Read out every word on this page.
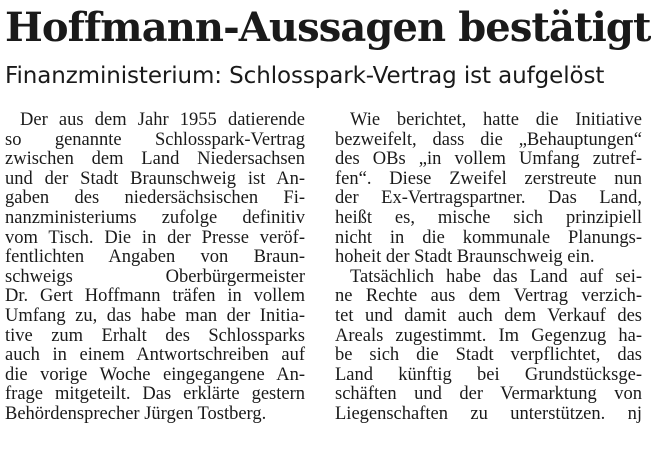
Hoffmann-Aussagen bestätigt
Finanzministerium: Schlosspark-Vertrag ist aufgelöst
Der aus dem Jahr 1955 datierende
so genannte Schlosspark-Vertrag
zwischen dem Land Niedersachsen
und der Stadt Braunschweig ist An-
gaben des niedersächsischen Fi-
nanzministeriums zufolge definitiv
vom Tisch. Die in der Presse veröf-
fentlichten Angaben von Braun-
schweigs Oberbürgermeister
Dr. Gert Hoffmann träfen in vollem
Umfang zu, das habe man der Initia-
tive zum Erhalt des Schlossparks
auch in einem Antwortschreiben auf
die vorige Woche eingegangene An-
frage mitgeteilt. Das erklärte gestern
Behördensprecher Jürgen Tostberg.
Wie berichtet, hatte die Initiative
bezweifelt, dass die „Behauptungen“
des OBs „in vollem Umfang zutref-
fen“. Diese Zweifel zerstreute nun
der Ex-Vertragspartner. Das Land,
heißt es, mische sich prinzipiell
nicht in die kommunale Planungs-
hoheit der Stadt Braunschweig ein.
Tatsächlich habe das Land auf sei-
ne Rechte aus dem Vertrag verzich-
tet und damit auch dem Verkauf des
Areals zugestimmt. Im Gegenzug ha-
be sich die Stadt verpflichtet, das
Land künftig bei Grundstücksge-
schäften und der Vermarktung von
Liegenschaften zu unterstützen. nj
